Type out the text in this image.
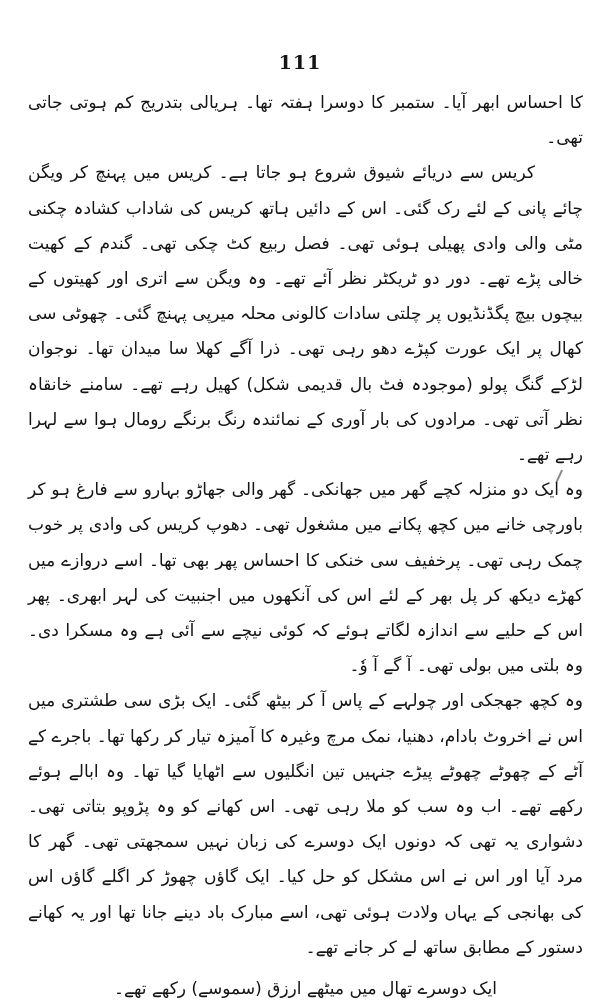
111

کا احساس ابھر آیا۔ ستمبر کا دوسرا ہفتہ تھا۔ ہریالی بتدریج کم ہوتی جاتی تھی۔

کریس سے دریائے شیوق شروع ہو جاتا ہے۔ کریس میں پہنچ کر ویگن چائے پانی کے لئے رک گئی۔ اس کے دائیں ہاتھ کریس کی شاداب کشادہ چکنی مٹی والی وادی پھیلی ہوئی تھی۔ فصل ربیع کٹ چکی تھی۔ گندم کے کھیت خالی پڑے تھے۔ دور دو ٹریکٹر نظر آئے تھے۔ وہ ویگن سے اتری اور کھیتوں کے بیچوں بیچ پگڈنڈیوں پر چلتی سادات کالونی محلہ میرپی پہنچ گئی۔ چھوٹی سی کھال پر ایک عورت کپڑے دھو رہی تھی۔ ذرا آگے کھلا سا میدان تھا۔ نوجوان لڑکے گنگ پولو (موجودہ فٹ بال قدیمی شکل) کھیل رہے تھے۔ سامنے خانقاہ نظر آتی تھی۔ مرادوں کی بار آوری کے نمائندہ رنگ برنگے رومال ہوا سے لہرا رہے تھے۔

وہ ایک دو منزلہ کچے گھر میں جھانکی۔ گھر والی جھاڑو بہارو سے فارغ ہو کر باورچی خانے میں کچھ پکانے میں مشغول تھی۔ دھوپ کریس کی وادی پر خوب چمک رہی تھی۔ پرخفیف سی خنکی کا احساس پھر بھی تھا۔ اسے دروازے میں کھڑے دیکھ کر پل بھر کے لئے اس کی آنکھوں میں اجنبیت کی لہر ابھری۔ پھر اس کے حلیے سے اندازہ لگاتے ہوئے کہ کوئی نیچے سے آئی ہے وہ مسکرا دی۔ وہ بلتی میں بولی تھی۔ آ گے آ وٗ۔

وہ کچھ جھجکی اور چولہے کے پاس آ کر بیٹھ گئی۔ ایک بڑی سی طشتری میں اس نے اخروٹ بادام، دھنیا، نمک مرچ وغیرہ کا آمیزہ تیار کر رکھا تھا۔ باجرے کے آٹے کے چھوٹے چھوٹے پیڑے جنہیں تین انگلیوں سے اٹھایا گیا تھا۔ وہ ابالے ہوئے رکھے تھے۔ اب وہ سب کو ملا رہی تھی۔ اس کھانے کو وہ پڑوپو بتاتی تھی۔ دشواری یہ تھی کہ دونوں ایک دوسرے کی زبان نہیں سمجھتی تھی۔ گھر کا مرد آیا اور اس نے اس مشکل کو حل کیا۔ ایک گاؤں چھوڑ کر اگلے گاؤں اس کی بھانجی کے یہاں ولادت ہوئی تھی، اسے مبارک باد دینے جانا تھا اور یہ کھانے دستور کے مطابق ساتھ لے کر جانے تھے۔

ایک دوسرے تھال میں میٹھے ارزق (سموسے) رکھے تھے۔
